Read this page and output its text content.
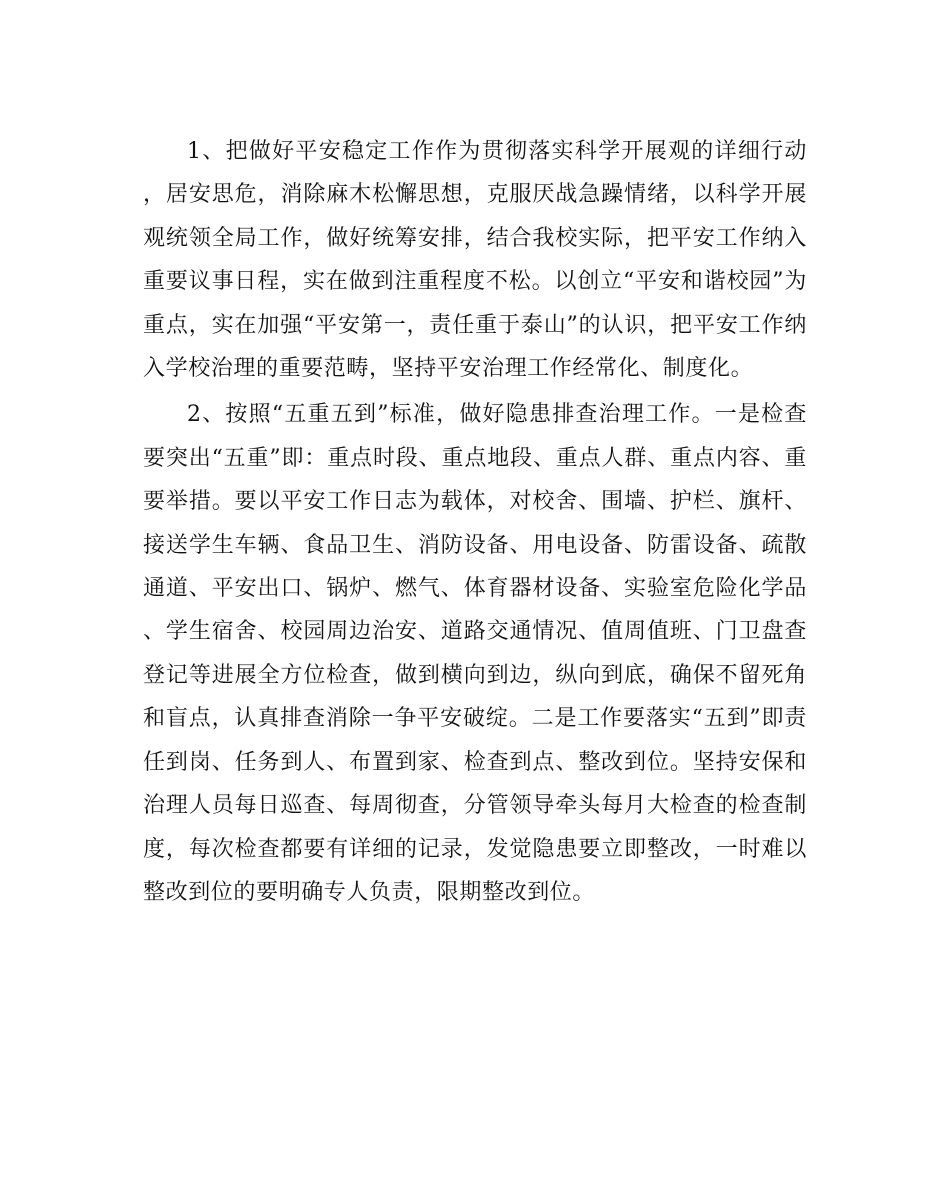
1、把做好平安稳定工作作为贯彻落实科学开展观的详细行动，居安思危，消除麻木松懈思想，克服厌战急躁情绪，以科学开展观统领全局工作，做好统筹安排，结合我校实际，把平安工作纳入重要议事日程，实在做到注重程度不松。以创立“平安和谐校园”为重点，实在加强“平安第一，责任重于泰山”的认识，把平安工作纳入学校治理的重要范畴，坚持平安治理工作经常化、制度化。

2、按照“五重五到”标准，做好隐患排查治理工作。一是检查要突出“五重”即：重点时段、重点地段、重点人群、重点内容、重要举措。要以平安工作日志为载体，对校舍、围墙、护栏、旗杆、接送学生车辆、食品卫生、消防设备、用电设备、防雷设备、疏散通道、平安出口、锅炉、燃气、体育器材设备、实验室危险化学品、学生宿舍、校园周边治安、道路交通情况、值周值班、门卫盘查登记等进展全方位检查，做到横向到边，纵向到底，确保不留死角和盲点，认真排查消除一争平安破绽。二是工作要落实“五到”即责任到岗、任务到人、布置到家、检查到点、整改到位。坚持安保和治理人员每日巡查、每周彻查，分管领导牵头每月大检查的检查制度，每次检查都要有详细的记录，发觉隐患要立即整改，一时难以整改到位的要明确专人负责，限期整改到位。
